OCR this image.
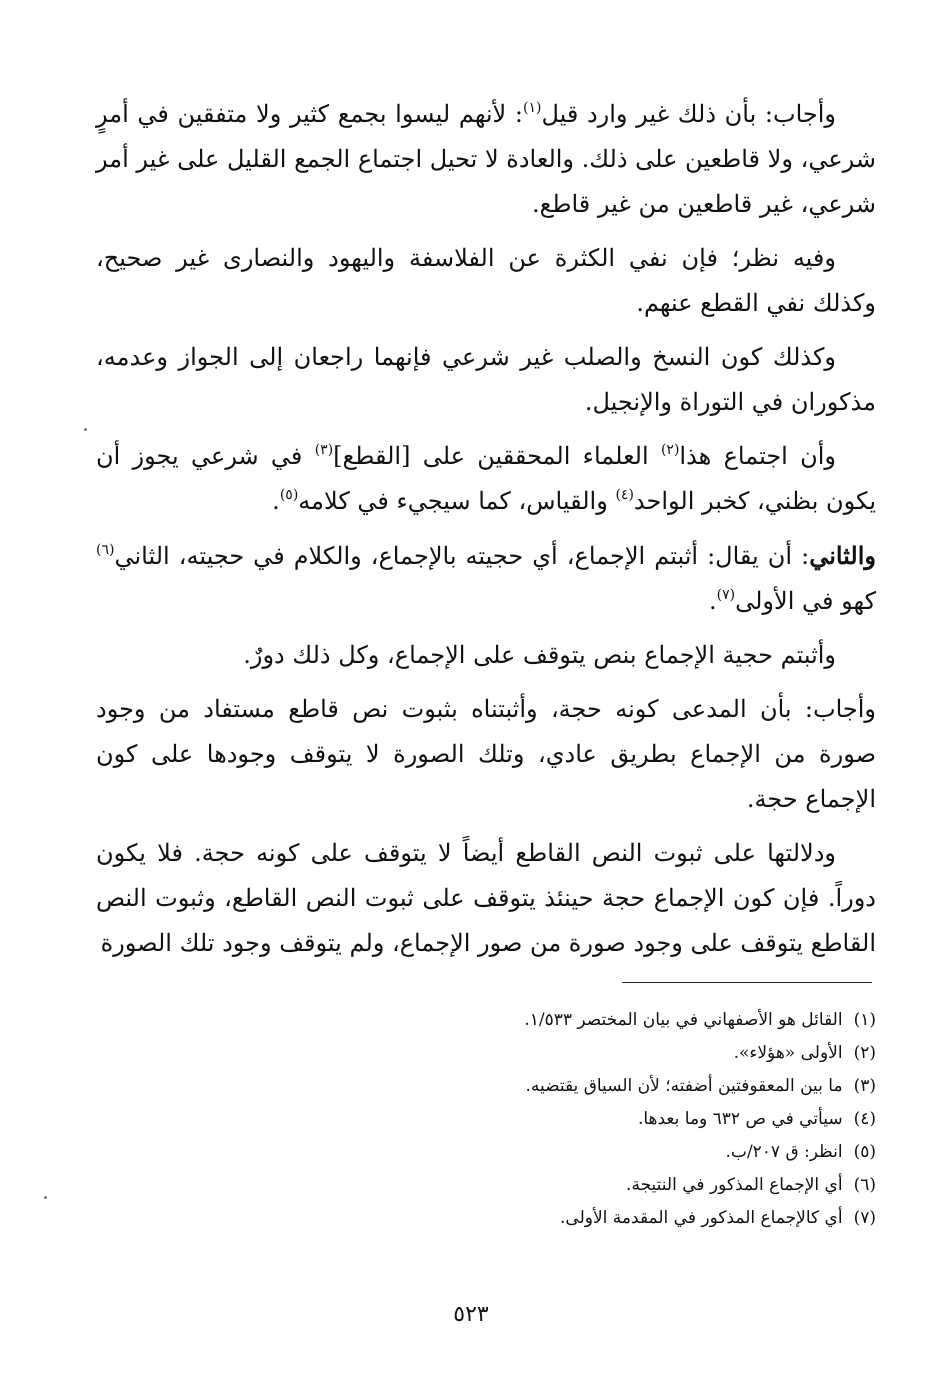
وأجاب: بأن ذلك غير وارد قيل$^{(١)}$: لأنهم ليسوا بجمع كثير ولا متفقين في أمرٍ شرعي، ولا قاطعين على ذلك. والعادة لا تحيل اجتماع الجمع القليل على غير أمر شرعي، غير قاطعين من غير قاطع.

وفيه نظر؛ فإن نفي الكثرة عن الفلاسفة واليهود والنصارى غير صحيح، وكذلك نفي القطع عنهم.

وكذلك كون النسخ والصلب غير شرعي فإنهما راجعان إلى الجواز وعدمه، مذكوران في التوراة والإنجيل.

وأن اجتماع هذا$^{(٢)}$ العلماء المحققين على [القطع]$^{(٣)}$ في شرعي يجوز أن يكون بظني، كخبر الواحد$^{(٤)}$ والقياس، كما سيجيء في كلامه$^{(٥)}$.

والثاني: أن يقال: أثبتم الإجماع، أي حجيته بالإجماع، والكلام في حجيته، الثاني$^{(٦)}$ كهو في الأولى$^{(٧)}$.

وأثبتم حجية الإجماع بنص يتوقف على الإجماع، وكل ذلك دورٌ.

وأجاب: بأن المدعى كونه حجة، وأثبتناه بثبوت نص قاطع مستفاد من وجود صورة من الإجماع بطريق عادي، وتلك الصورة لا يتوقف وجودها على كون الإجماع حجة.

ودلالتها على ثبوت النص القاطع أيضاً لا يتوقف على كونه حجة. فلا يكون دوراً. فإن كون الإجماع حجة حينئذ يتوقف على ثبوت النص القاطع، وثبوت النص القاطع يتوقف على وجود صورة من صور الإجماع، ولم يتوقف وجود تلك الصورة

(١) القائل هو الأصفهاني في بيان المختصر ١/٥٣٣.
(٢) الأولى «هؤلاء».
(٣) ما بين المعقوفتين أضفته؛ لأن السياق يقتضيه.
(٤) سيأتي في ص ٦٣٢ وما بعدها.
(٥) انظر: ق ٢٠٧/ب.
(٦) أي الإجماع المذكور في النتيجة.
(٧) أي كالإجماع المذكور في المقدمة الأولى.
٥٢٣
